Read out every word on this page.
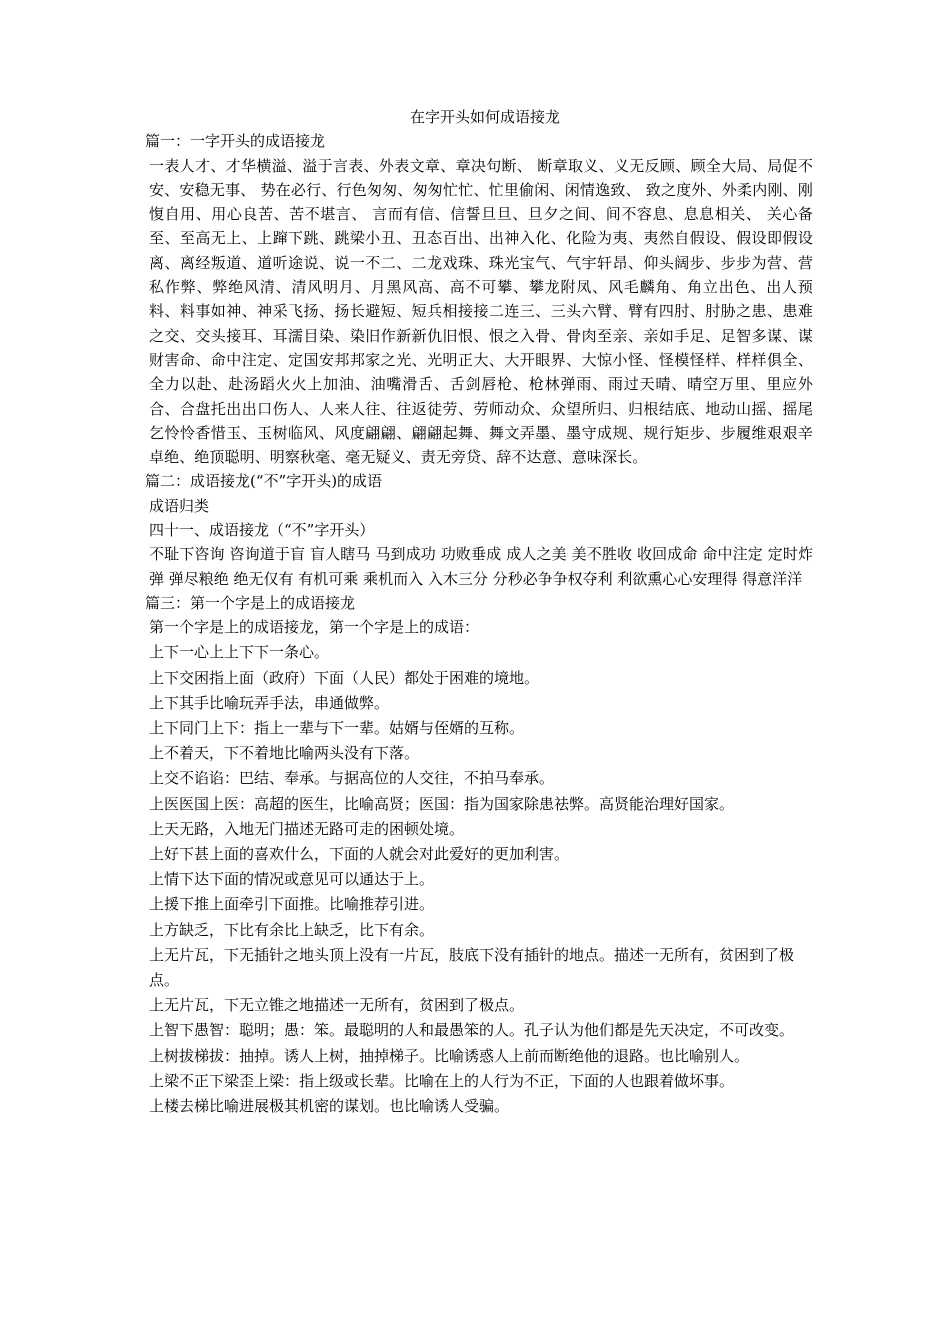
在字开头如何成语接龙

篇一：一字开头的成语接龙

一表人才、才华横溢、溢于言表、外表文章、章决句断、 断章取义、义无反顾、顾全大局、局促不安、安稳无事、 势在必行、行色匆匆、匆匆忙忙、忙里偷闲、闲情逸致、 致之度外、外柔内刚、刚愎自用、用心良苦、苦不堪言、 言而有信、信誓旦旦、旦夕之间、间不容息、息息相关、 关心备至、至高无上、上蹿下跳、跳梁小丑、丑态百出、出神入化、化险为夷、夷然自假设、假设即假设离、离经叛道、道听途说、说一不二、二龙戏珠、珠光宝气、气宇轩昂、仰头阔步、步步为营、营私作弊、弊绝风清、清风明月、月黑风高、高不可攀、攀龙附凤、风毛麟角、角立出色、出人预料、料事如神、神采飞扬、扬长避短、短兵相接接二连三、三头六臂、臂有四肘、肘胁之患、患难之交、交头接耳、耳濡目染、染旧作新新仇旧恨、恨之入骨、骨肉至亲、亲如手足、足智多谋、谋财害命、命中注定、定国安邦邦家之光、光明正大、大开眼界、大惊小怪、怪模怪样、样样俱全、全力以赴、赴汤蹈火火上加油、油嘴滑舌、舌剑唇枪、枪林弹雨、雨过天晴、晴空万里、里应外合、合盘托出出口伤人、人来人往、往返徒劳、劳师动众、众望所归、归根结底、地动山摇、摇尾乞怜怜香惜玉、玉树临风、风度翩翩、翩翩起舞、舞文弄墨、墨守成规、规行矩步、步履维艰艰辛卓绝、绝顶聪明、明察秋毫、毫无疑义、责无旁贷、辞不达意、意味深长。

篇二：成语接龙(“不”字开头)的成语

成语归类

四十一、成语接龙（“不”字开头）

不耻下咨询 咨询道于盲 盲人瞎马 马到成功 功败垂成 成人之美 美不胜收 收回成命 命中注定 定时炸弹 弹尽粮绝 绝无仅有 有机可乘 乘机而入 入木三分 分秒必争争权夺利 利欲熏心心安理得 得意洋洋

篇三：第一个字是上的成语接龙

第一个字是上的成语接龙，第一个字是上的成语：

上下一心上上下下一条心。

上下交困指上面（政府）下面（人民）都处于困难的境地。

上下其手比喻玩弄手法，串通做弊。

上下同门上下：指上一辈与下一辈。姑婿与侄婿的互称。

上不着天，下不着地比喻两头没有下落。

上交不谄谄：巴结、奉承。与据高位的人交往，不拍马奉承。

上医医国上医：高超的医生，比喻高贤；医国：指为国家除患祛弊。高贤能治理好国家。

上天无路，入地无门描述无路可走的困顿处境。

上好下甚上面的喜欢什么，下面的人就会对此爱好的更加利害。

上情下达下面的情况或意见可以通达于上。

上援下推上面牵引下面推。比喻推荐引进。

上方缺乏，下比有余比上缺乏，比下有余。

上无片瓦，下无插针之地头顶上没有一片瓦，肢底下没有插针的地点。描述一无所有，贫困到了极点。

上无片瓦，下无立锥之地描述一无所有，贫困到了极点。

上智下愚智：聪明；愚：笨。最聪明的人和最愚笨的人。孔子认为他们都是先天决定，不可改变。

上树拔梯拔：抽掉。诱人上树，抽掉梯子。比喻诱惑人上前而断绝他的退路。也比喻别人。

上梁不正下梁歪上梁：指上级或长辈。比喻在上的人行为不正，下面的人也跟着做坏事。

上楼去梯比喻进展极其机密的谋划。也比喻诱人受骗。
